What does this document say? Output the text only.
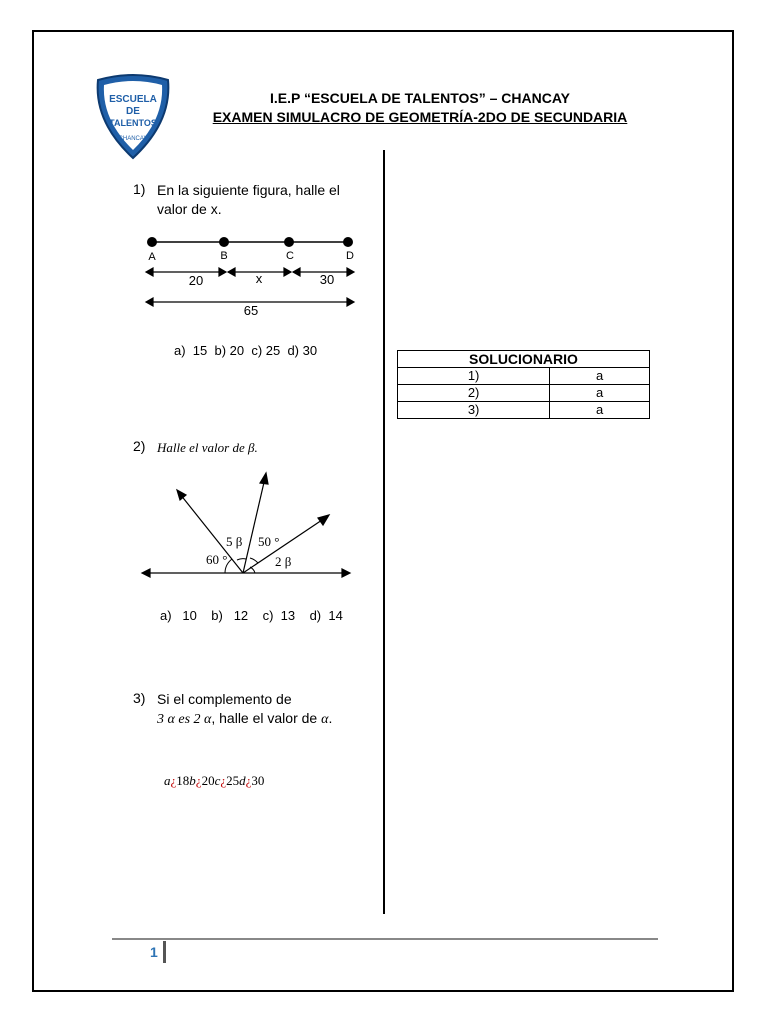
ESCUELA
DE
TALENTOS
CHANCAY
I.E.P “ESCUELA DE TALENTOS” – CHANCAY
EXAMEN SIMULACRO DE GEOMETRÍA-2DO DE SECUNDARIA
1) En la siguiente figura, halle el
valor de x.
A	B	C	D
20	x	30
65
a)  15  b) 20  c) 25  d) 30
2) Halle el valor de β.
5 β 50 °
60 °	2 β
a)   10    b)   12    c)  13    d)  14
3) Si el complemento de
3 α es 2 α, halle el valor de α.
a¿18b¿20c¿25d¿30
SOLUCIONARIO	
1)	a
2)	a
3)	a
1
